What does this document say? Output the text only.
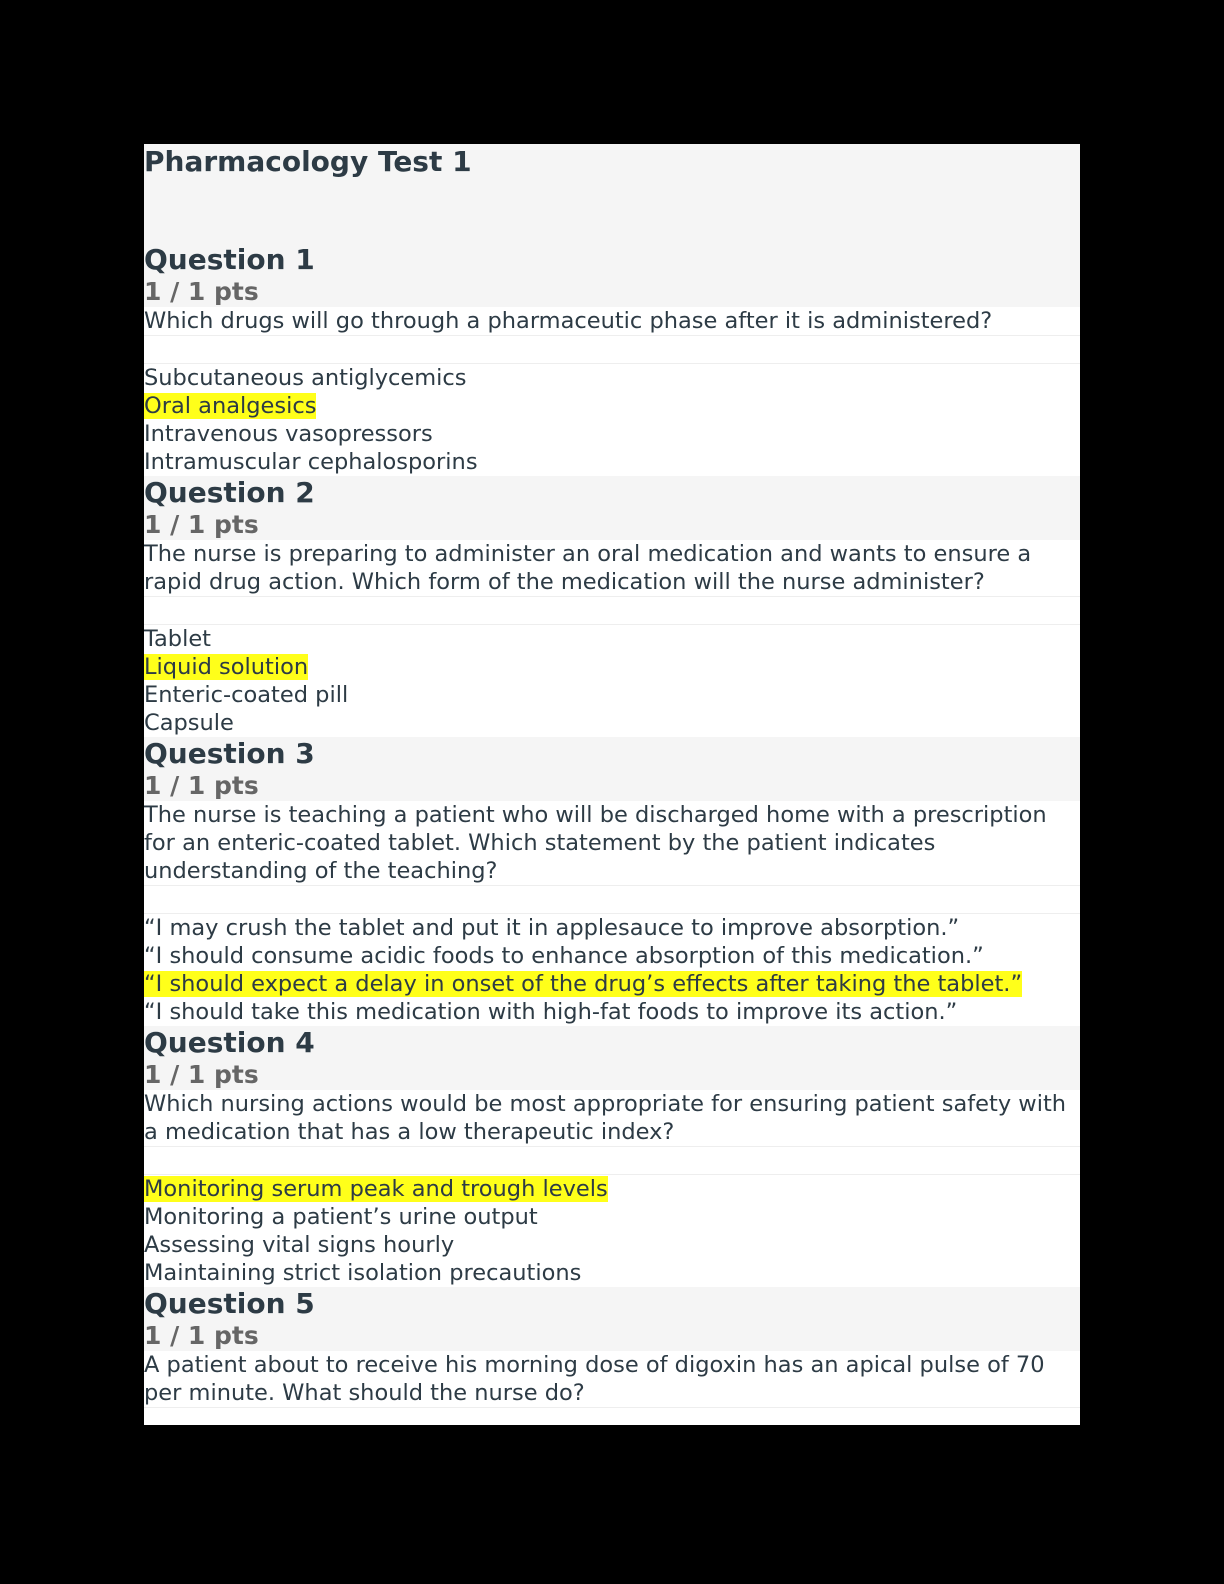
Pharmacology Test 1
Question 1
1 / 1 pts
Which drugs will go through a pharmaceutic phase after it is administered?
Subcutaneous antiglycemics
Oral analgesics
Intravenous vasopressors
Intramuscular cephalosporins
Question 2
1 / 1 pts
The nurse is preparing to administer an oral medication and wants to ensure a rapid drug action. Which form of the medication will the nurse administer?
Tablet
Liquid solution
Enteric-coated pill
Capsule
Question 3
1 / 1 pts
The nurse is teaching a patient who will be discharged home with a prescription for an enteric-coated tablet. Which statement by the patient indicates understanding of the teaching?
“I may crush the tablet and put it in applesauce to improve absorption.”
“I should consume acidic foods to enhance absorption of this medication.”
“I should expect a delay in onset of the drug’s effects after taking the tablet.”
“I should take this medication with high-fat foods to improve its action.”
Question 4
1 / 1 pts
Which nursing actions would be most appropriate for ensuring patient safety with a medication that has a low therapeutic index?
Monitoring serum peak and trough levels
Monitoring a patient’s urine output
Assessing vital signs hourly
Maintaining strict isolation precautions
Question 5
1 / 1 pts
A patient about to receive his morning dose of digoxin has an apical pulse of 70 per minute. What should the nurse do?
